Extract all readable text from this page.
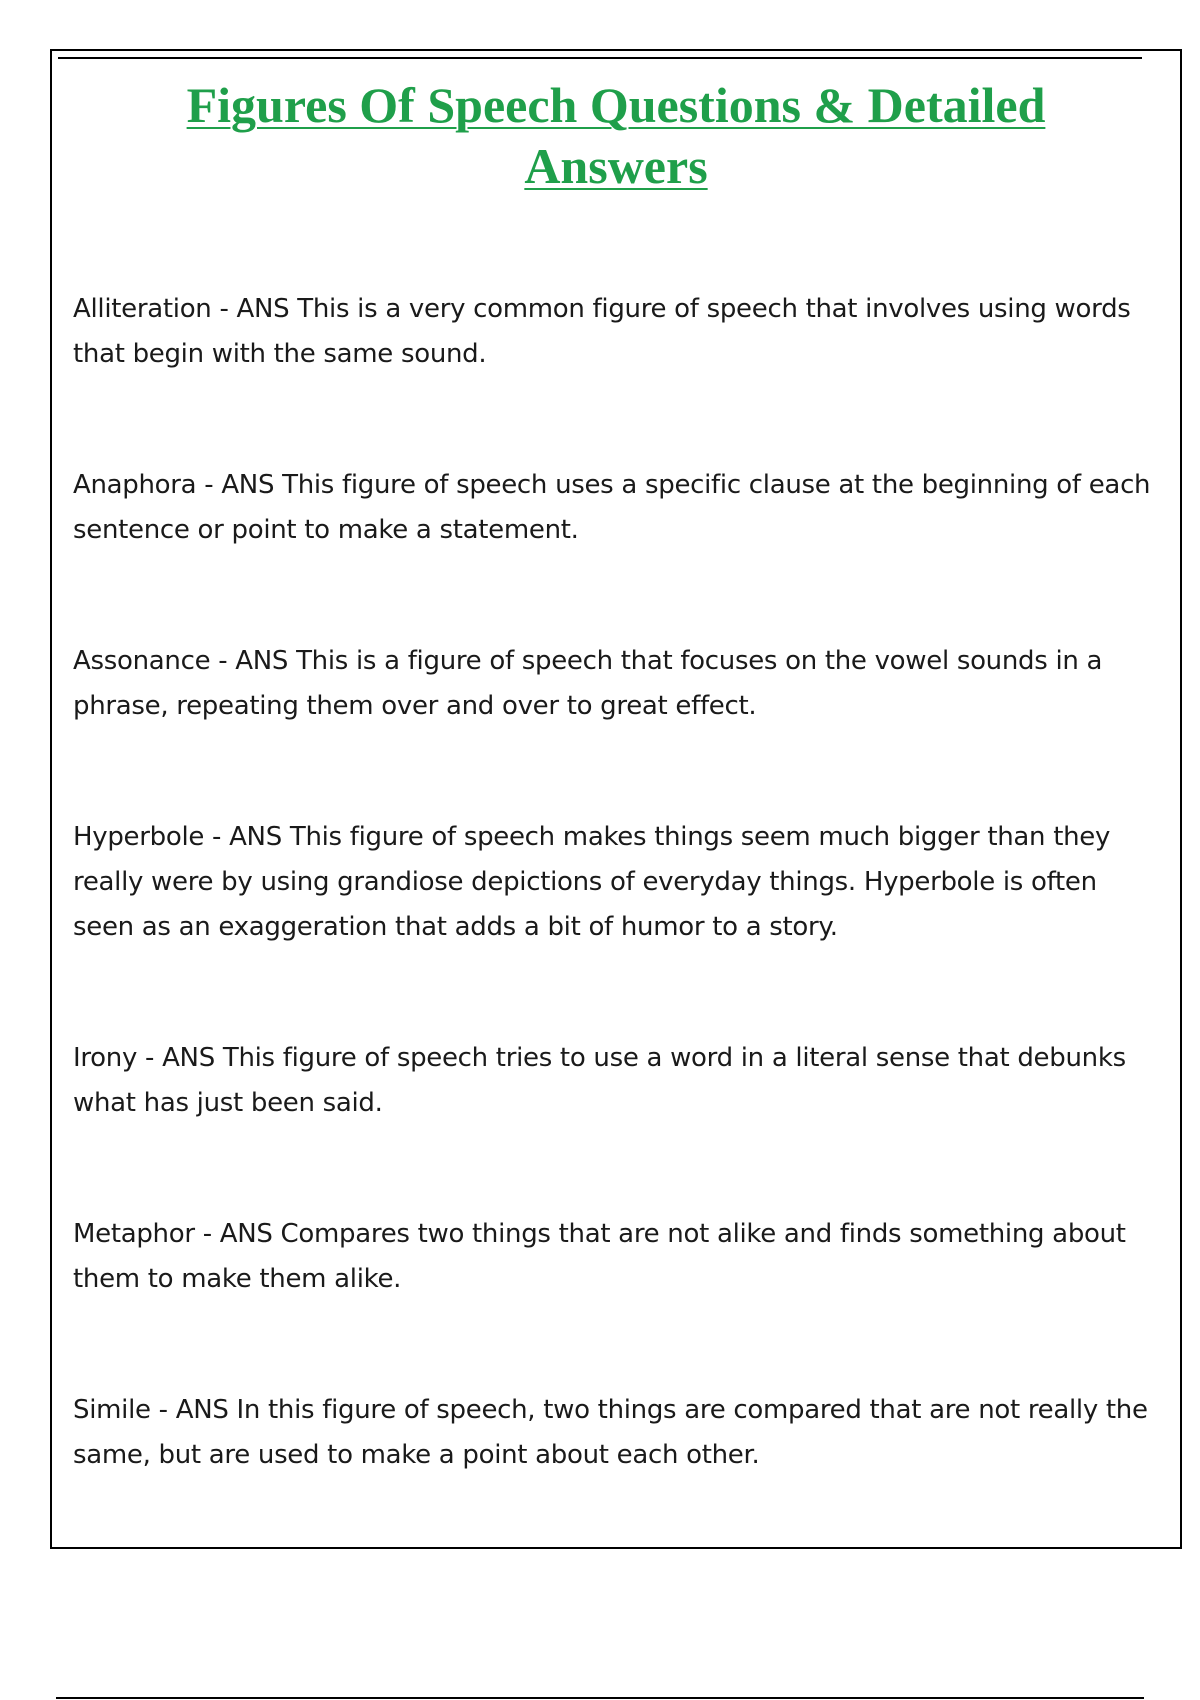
Figures Of Speech Questions & Detailed
Answers

Alliteration - ANS This is a very common figure of speech that involves using words that begin with the same sound.

Anaphora - ANS This figure of speech uses a specific clause at the beginning of each sentence or point to make a statement.

Assonance - ANS This is a figure of speech that focuses on the vowel sounds in a phrase, repeating them over and over to great effect.

Hyperbole - ANS This figure of speech makes things seem much bigger than they really were by using grandiose depictions of everyday things. Hyperbole is often seen as an exaggeration that adds a bit of humor to a story.

Irony - ANS This figure of speech tries to use a word in a literal sense that debunks what has just been said.

Metaphor - ANS Compares two things that are not alike and finds something about them to make them alike.

Simile - ANS In this figure of speech, two things are compared that are not really the same, but are used to make a point about each other.
